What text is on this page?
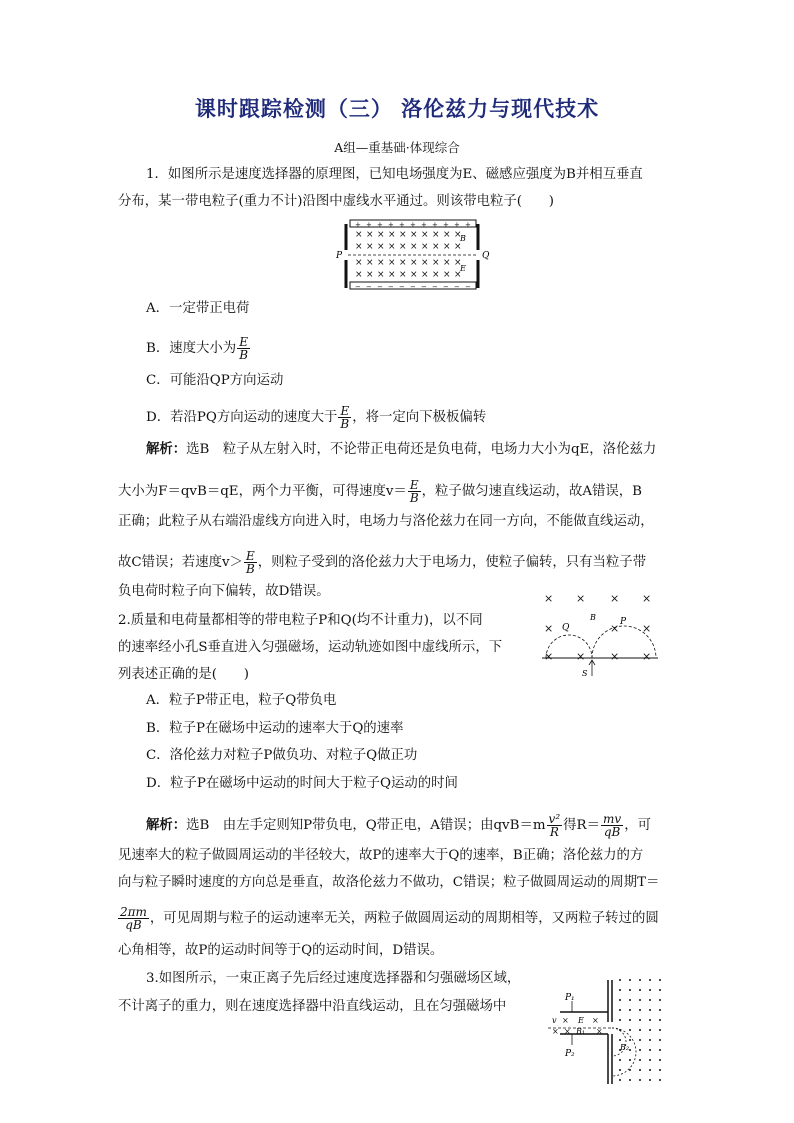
课时跟踪检测（三） 洛伦兹力与现代技术
A组—重基础·体现综合
1．如图所示是速度选择器的原理图，已知电场强度为E、磁感应强度为B并相互垂直
分布，某一带电粒子(重力不计)沿图中虚线水平通过。则该带电粒子(　　)
× × × × × × × × × ×
× × × × × × × × × ×
× × × × × × × × × ×
× × × × × × × × × ×
+
−
+
−
+
−
+
−
+
−
+
−
+
−
+
−
+
−
+
−
+
−
P	Q
B
E
A．一定带正电荷
B．速度大小为 $\frac{E}{B}$
C．可能沿QP方向运动
D．若沿PQ方向运动的速度大于 $\frac{E}{B}$ ，将一定向下极板偏转
解析：选B　粒子从左射入时，不论带正电荷还是负电荷，电场力大小为qE，洛伦兹力
大小为F＝qvB＝qE，两个力平衡，可得速度$v= \frac{E}{B}$ ，粒子做匀速直线运动，故A错误，B
正确；此粒子从右端沿虚线方向进入时，电场力与洛伦兹力在同一方向，不能做直线运动，
故C错误；若速度$v> \frac{E}{B}$ ，则粒子受到的洛伦兹力大于电场力，使粒子偏转，只有当粒子带
负电荷时粒子向下偏转，故D错误。
2.质量和电荷量都相等的带电粒子P和Q(均不计重力)，以不同
的速率经小孔S垂直进入匀强磁场，运动轨迹如图中虚线所示，下
列表述正确的是(　　)
× × × ×
×	× ×
× × × ×
Q
B	P
S
A．粒子P带正电，粒子Q带负电
B．粒子P在磁场中运动的速率大于Q的速率
C．洛伦兹力对粒子P做负功、对粒子Q做正功
D．粒子P在磁场中运动的时间大于粒子Q运动的时间
解析：选B　由左手定则知P带负电，Q带正电，A错误；由$qvB=m \frac{\text{v²}}{R}$ 得$R= \frac{mv}{qB}$ ，可
见速率大的粒子做圆周运动的半径较大，故P的速率大于Q的速率，B正确；洛伦兹力的方
向与粒子瞬时速度的方向总是垂直，故洛伦兹力不做功，C错误；粒子做圆周运动的周期T＝
$\frac{2\pi m}{qB}$ ，可见周期与粒子的运动速率无关，两粒子做圆周运动的周期相等，又两粒子转过的圆
心角相等，故P的运动时间等于Q的运动时间，D错误。
3.如图所示，一束正离子先后经过速度选择器和匀强磁场区域，
不计离子的重力，则在速度选择器中沿直线运动，且在匀强磁场中
P₁
P₂
v	E
B₁
B₂
×	×
× ×	×
